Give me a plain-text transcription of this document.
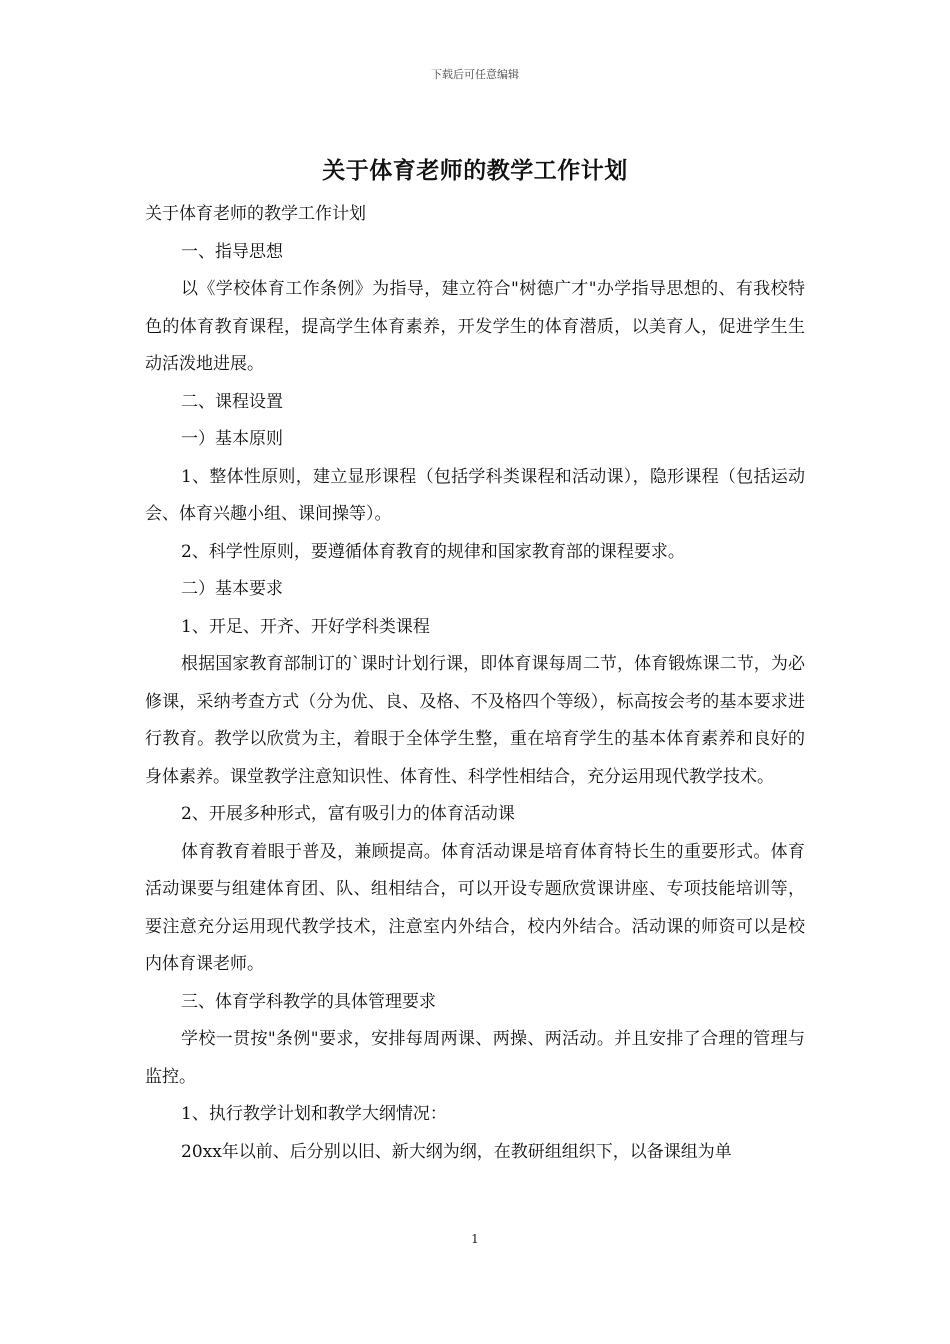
下载后可任意编辑
关于体育老师的教学工作计划

关于体育老师的教学工作计划

一、指导思想

以《学校体育工作条例》为指导，建立符合"树德广才"办学指导思想的、有我校特色的体育教育课程，提高学生体育素养，开发学生的体育潜质，以美育人，促进学生生动活泼地进展。

二、课程设置

一）基本原则

1、整体性原则，建立显形课程（包括学科类课程和活动课），隐形课程（包括运动会、体育兴趣小组、课间操等）。

2、科学性原则，要遵循体育教育的规律和国家教育部的课程要求。

二）基本要求

1、开足、开齐、开好学科类课程

根据国家教育部制订的`课时计划行课，即体育课每周二节，体育锻炼课二节，为必修课，采纳考查方式（分为优、良、及格、不及格四个等级），标高按会考的基本要求进行教育。教学以欣赏为主，着眼于全体学生整，重在培育学生的基本体育素养和良好的身体素养。课堂教学注意知识性、体育性、科学性相结合，充分运用现代教学技术。

2、开展多种形式，富有吸引力的体育活动课

体育教育着眼于普及，兼顾提高。体育活动课是培育体育特长生的重要形式。体育活动课要与组建体育团、队、组相结合，可以开设专题欣赏课讲座、专项技能培训等，要注意充分运用现代教学技术，注意室内外结合，校内外结合。活动课的师资可以是校内体育课老师。

三、体育学科教学的具体管理要求

学校一贯按"条例"要求，安排每周两课、两操、两活动。并且安排了合理的管理与监控。

1、执行教学计划和教学大纲情况：

20xx年以前、后分别以旧、新大纲为纲，在教研组组织下，以备课组为单

1
